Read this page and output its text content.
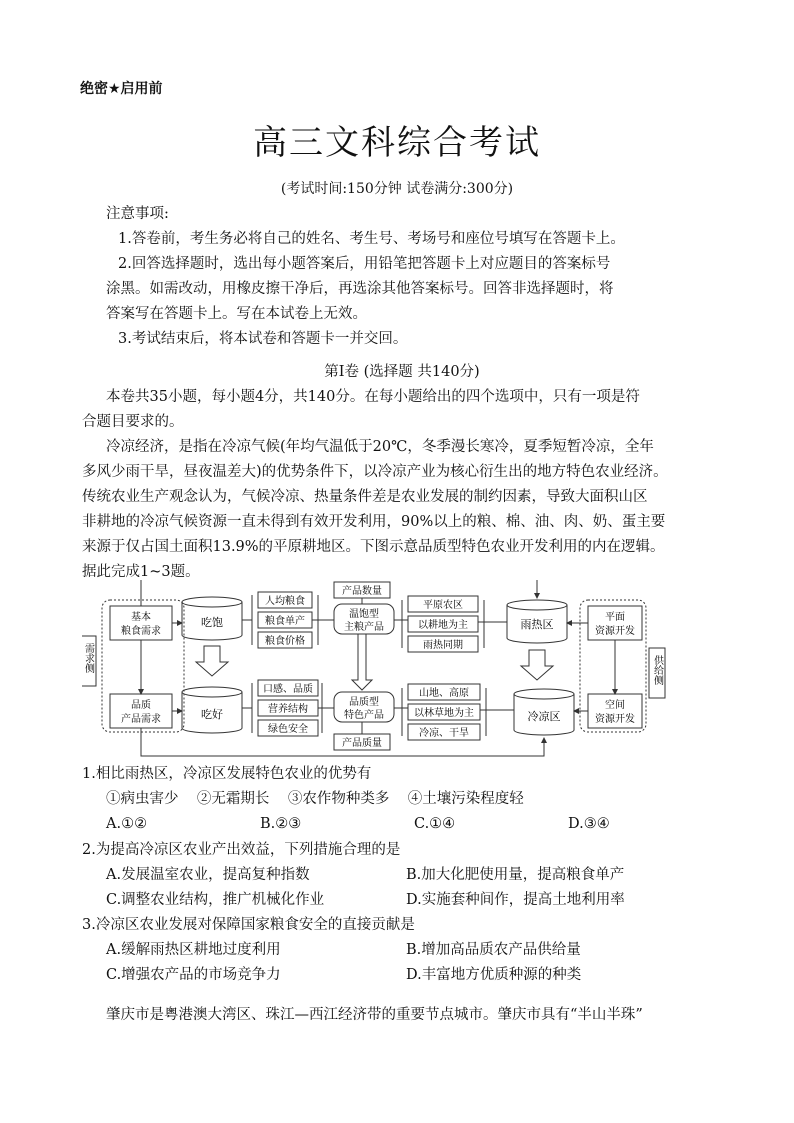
绝密★启用前
高三文科综合考试
(考试时间:150分钟 试卷满分:300分)

注意事项:

1.答卷前，考生务必将自己的姓名、考生号、考场号和座位号填写在答题卡上。

2.回答选择题时，选出每小题答案后，用铅笔把答题卡上对应题目的答案标号

涂黑。如需改动，用橡皮擦干净后，再选涂其他答案标号。回答非选择题时，将

答案写在答题卡上。写在本试卷上无效。

3.考试结束后，将本试卷和答题卡一并交回。

第Ⅰ卷 (选择题 共140分)

本卷共35小题，每小题4分，共140分。在每小题给出的四个选项中，只有一项是符

合题目要求的。

冷凉经济，是指在冷凉气候(年均气温低于20℃，冬季漫长寒冷，夏季短暂冷凉，全年

多风少雨干旱，昼夜温差大)的优势条件下，以冷凉产业为核心衍生出的地方特色农业经济。

传统农业生产观念认为，气候冷凉、热量条件差是农业发展的制约因素，导致大面积山区

非耕地的冷凉气候资源一直未得到有效开发利用，90%以上的粮、棉、油、肉、奶、蛋主要

来源于仅占国土面积13.9%的平原耕地区。下图示意品质型特色农业开发利用的内在逻辑。

据此完成1~3题。

需求侧	供给侧
基本
粮食需求
品质
产品需求
吃饱
吃好
人均粮食
粮食单产
粮食价格
口感、品质
营养结构
绿色安全
产品数量
温饱型
主粮产品
品质型
特色产品
产品质量
平原农区
以耕地为主
雨热同期
山地、高原
以林草地为主
冷凉、干旱
雨热区
冷凉区
平面
资源开发
空间
资源开发

1.相比雨热区，冷凉区发展特色农业的优势有

①病虫害少    ②无霜期长    ③农作物种类多    ④土壤污染程度轻

A.①②	B.②③	C.①④	D.③④

2.为提高冷凉区农业产出效益，下列措施合理的是

A.发展温室农业，提高复种指数	B.加大化肥使用量，提高粮食单产
C.调整农业结构，推广机械化作业	D.实施套种间作，提高土地利用率

3.冷凉区农业发展对保障国家粮食安全的直接贡献是

A.缓解雨热区耕地过度利用	B.增加高品质农产品供给量
C.增强农产品的市场竞争力	D.丰富地方优质种源的种类

肇庆市是粤港澳大湾区、珠江—西江经济带的重要节点城市。肇庆市具有“半山半珠”
